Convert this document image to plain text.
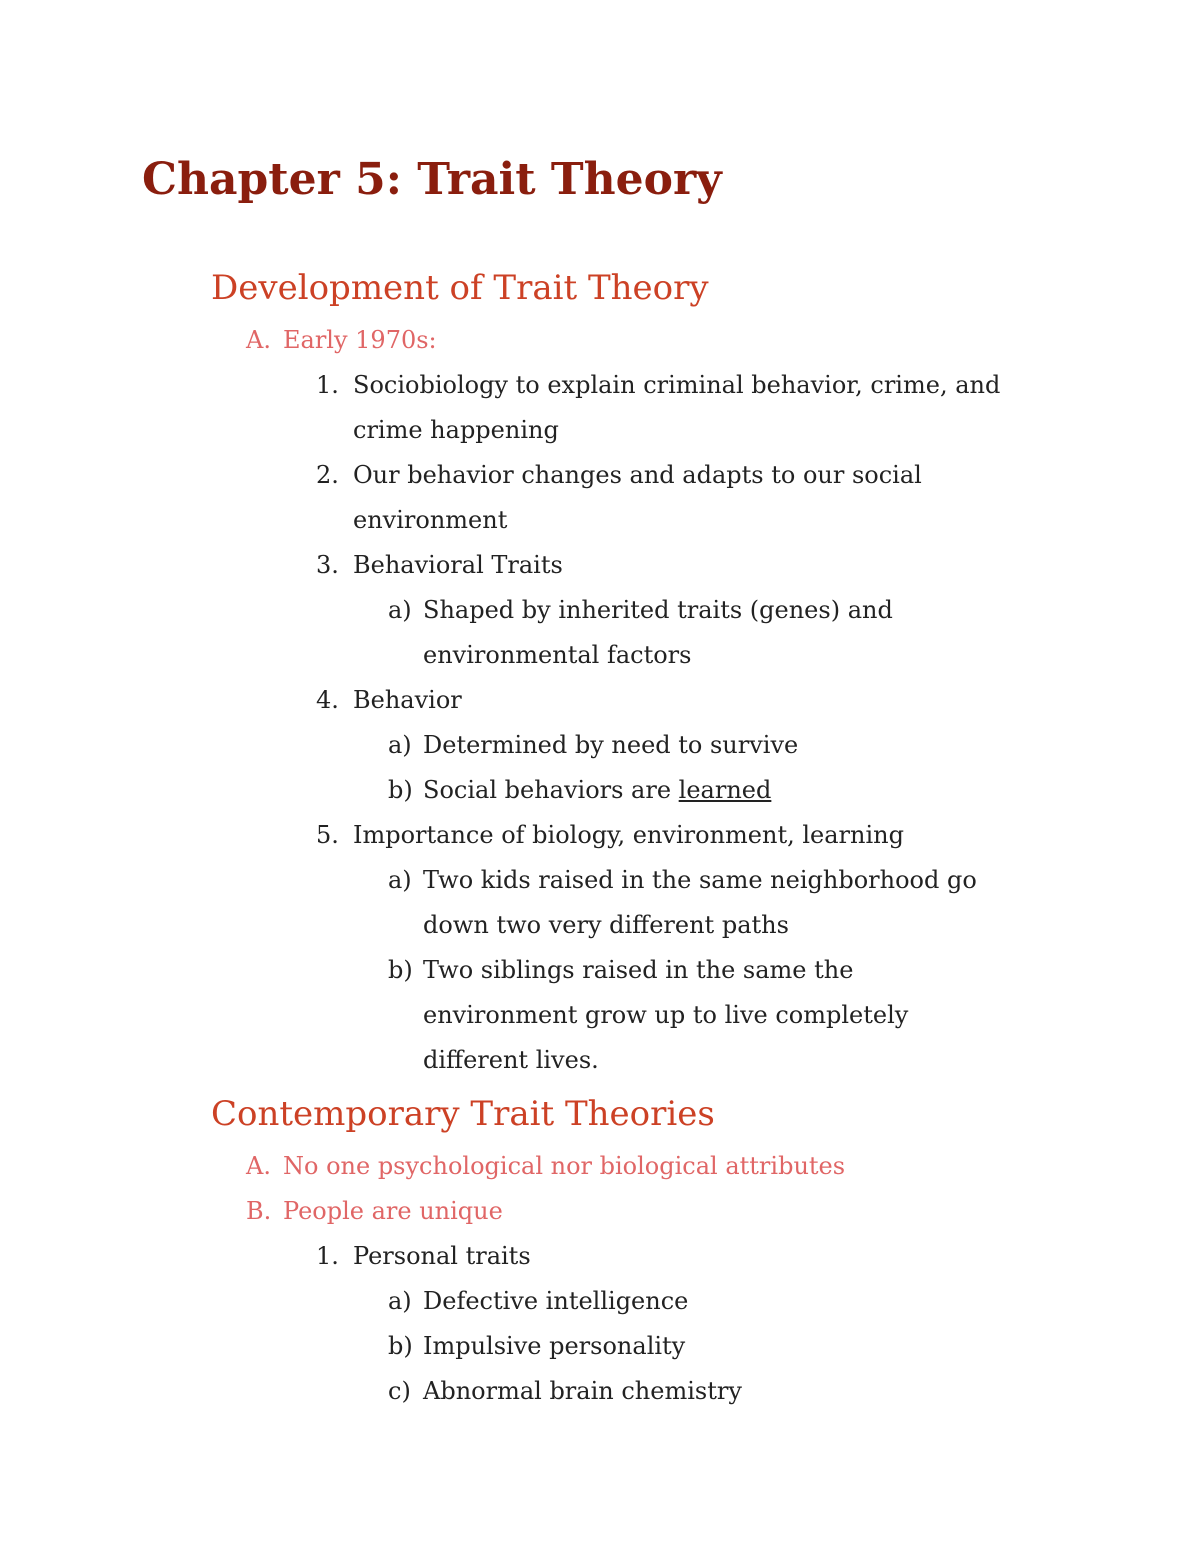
Chapter 5: Trait Theory
Development of Trait Theory
A. Early 1970s:
1. Sociobiology to explain criminal behavior, crime, and
crime happening
2. Our behavior changes and adapts to our social
environment
3. Behavioral Traits
a) Shaped by inherited traits (genes) and
environmental factors
4. Behavior
a) Determined by need to survive
b) Social behaviors are learned
5. Importance of biology, environment, learning
a) Two kids raised in the same neighborhood go
down two very different paths
b) Two siblings raised in the same the
environment grow up to live completely
different lives.
Contemporary Trait Theories
A. No one psychological nor biological attributes
B. People are unique
1. Personal traits
a) Defective intelligence
b) Impulsive personality
c) Abnormal brain chemistry
